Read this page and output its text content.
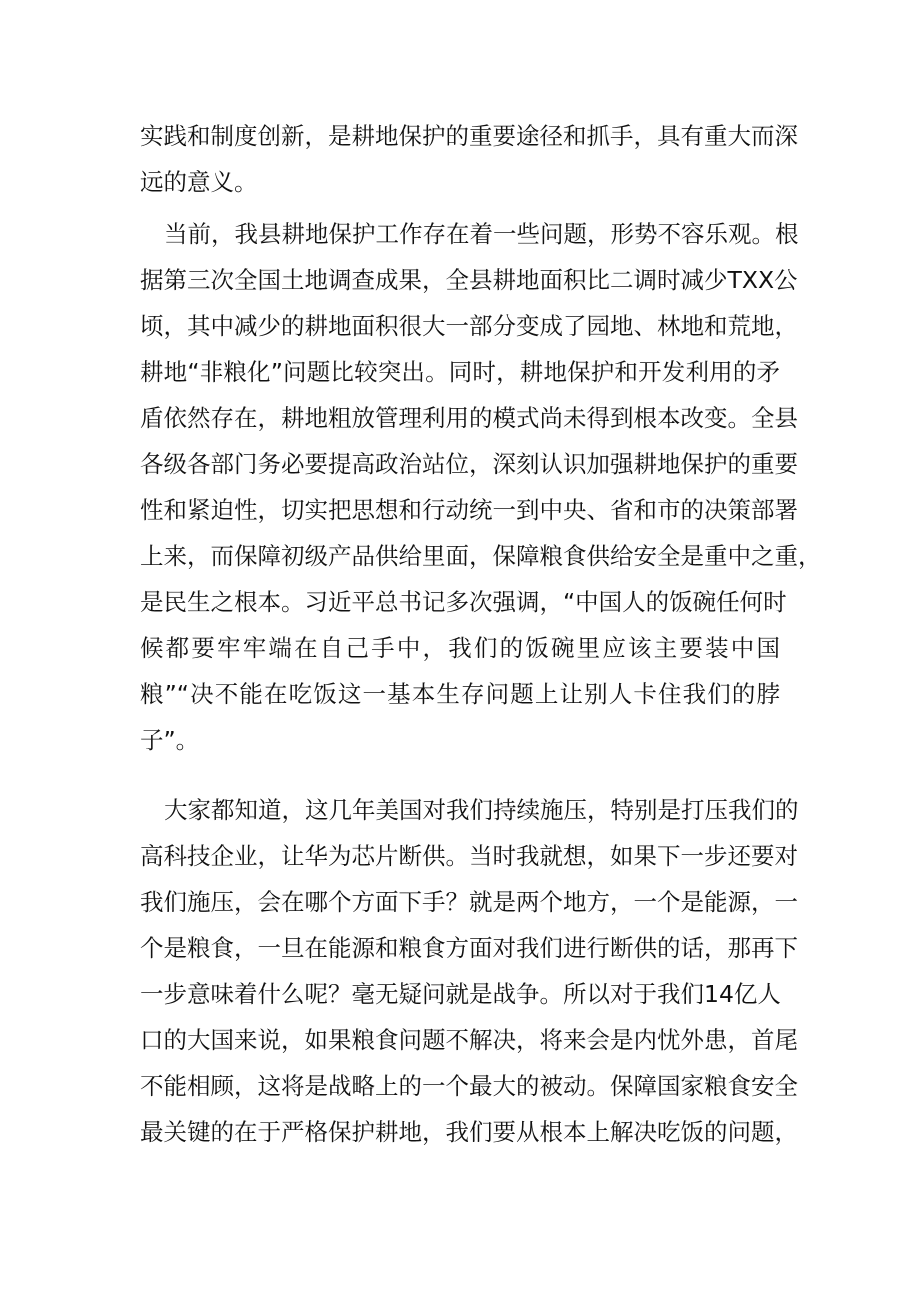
实践和制度创新，是耕地保护的重要途径和抓手，具有重大而深
远的意义。
当前，我县耕地保护工作存在着一些问题，形势不容乐观。根
据第三次全国土地调查成果，全县耕地面积比二调时减少TXX公
顷，其中减少的耕地面积很大一部分变成了园地、林地和荒地，
耕地“非粮化”问题比较突出。同时，耕地保护和开发利用的矛
盾依然存在，耕地粗放管理利用的模式尚未得到根本改变。全县
各级各部门务必要提高政治站位，深刻认识加强耕地保护的重要
性和紧迫性，切实把思想和行动统一到中央、省和市的决策部署
上来，而保障初级产品供给里面，保障粮食供给安全是重中之重，
是民生之根本。习近平总书记多次强调，“中国人的饭碗任何时
候都要牢牢端在自己手中，我们的饭碗里应该主要装中国
粮”“决不能在吃饭这一基本生存问题上让别人卡住我们的脖
子”。
大家都知道，这几年美国对我们持续施压，特别是打压我们的
高科技企业，让华为芯片断供。当时我就想，如果下一步还要对
我们施压，会在哪个方面下手？就是两个地方，一个是能源，一
个是粮食，一旦在能源和粮食方面对我们进行断供的话，那再下
一步意味着什么呢？毫无疑问就是战争。所以对于我们14亿人
口的大国来说，如果粮食问题不解决，将来会是内忧外患，首尾
不能相顾，这将是战略上的一个最大的被动。保障国家粮食安全
最关键的在于严格保护耕地，我们要从根本上解决吃饭的问题，
